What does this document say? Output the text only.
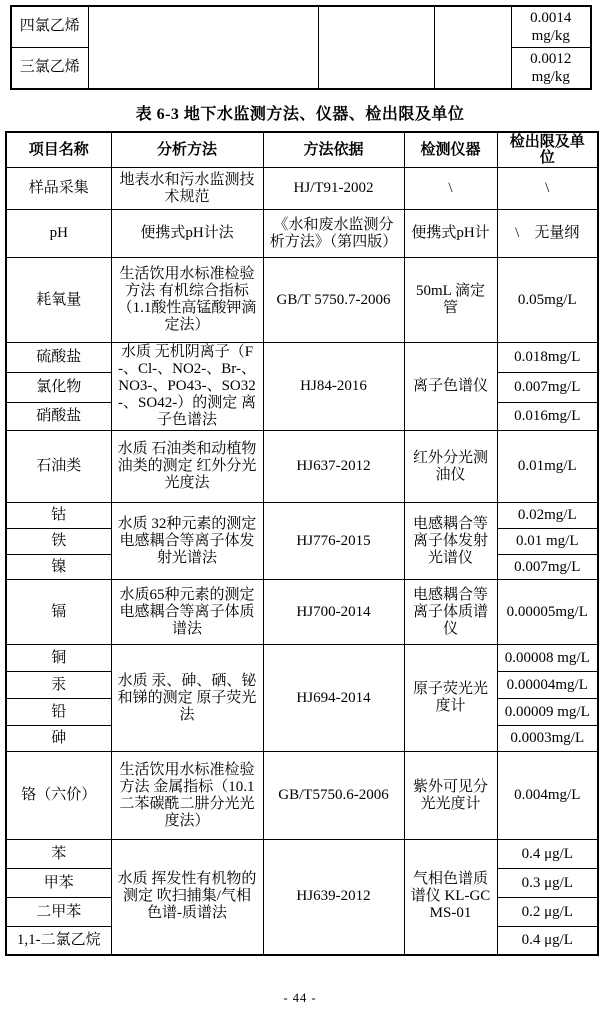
四氯乙烯				0.0014
mg/kg

三氯乙烯				0.0012
mg/kg
表 6-3 地下水监测方法、仪器、检出限及单位
项目名称	分析方法	方法依据	检测仪器	检出限及单位
样品采集	地表水和污水监测技术规范	HJ/T91-2002	\	\
pH	便携式pH计法	《水和废水监测分析方法》（第四版）	便携式pH计	\　无量纲
耗氧量	生活饮用水标准检验方法 有机综合指标（1.1酸性高锰酸钾滴定法）	GB/T 5750.7-2006	50mL 滴定管	0.05mg/L
硫酸盐	水质 无机阴离子（F-、Cl-、NO2-、Br-、NO3-、PO43-、SO32-、SO42-）的测定 离子色谱法	HJ84-2016	离子色谱仪	0.018mg/L
氯化物				0.007mg/L
硝酸盐				0.016mg/L
石油类	水质 石油类和动植物油类的测定 红外分光光度法	HJ637-2012	红外分光测油仪	0.01mg/L
钴	水质 32种元素的测定电感耦合等离子体发射光谱法	HJ776-2015	电感耦合等离子体发射光谱仪	0.02mg/L
铁				0.01 mg/L
镍				0.007mg/L
镉	水质65种元素的测定 电感耦合等离子体质谱法	HJ700-2014	电感耦合等离子体质谱仪	0.00005mg/L
铜	水质 汞、砷、硒、铋和锑的测定 原子荧光法	HJ694-2014	原子荧光光度计	0.00008 mg/L
汞				0.00004mg/L
铅				0.00009 mg/L
砷				0.0003mg/L
铬（六价）	生活饮用水标准检验方法 金属指标（10.1 二苯碳酰二肼分光光度法）	GB/T5750.6-2006	紫外可见分光光度计	0.004mg/L
苯	水质 挥发性有机物的测定 吹扫捕集/气相色谱-质谱法	HJ639-2012	气相色谱质谱仪 KL-GCMS-01	0.4 μg/L
甲苯				0.3 μg/L
二甲苯				0.2 μg/L
1,1-二氯乙烷				0.4 μg/L
- 44 -
